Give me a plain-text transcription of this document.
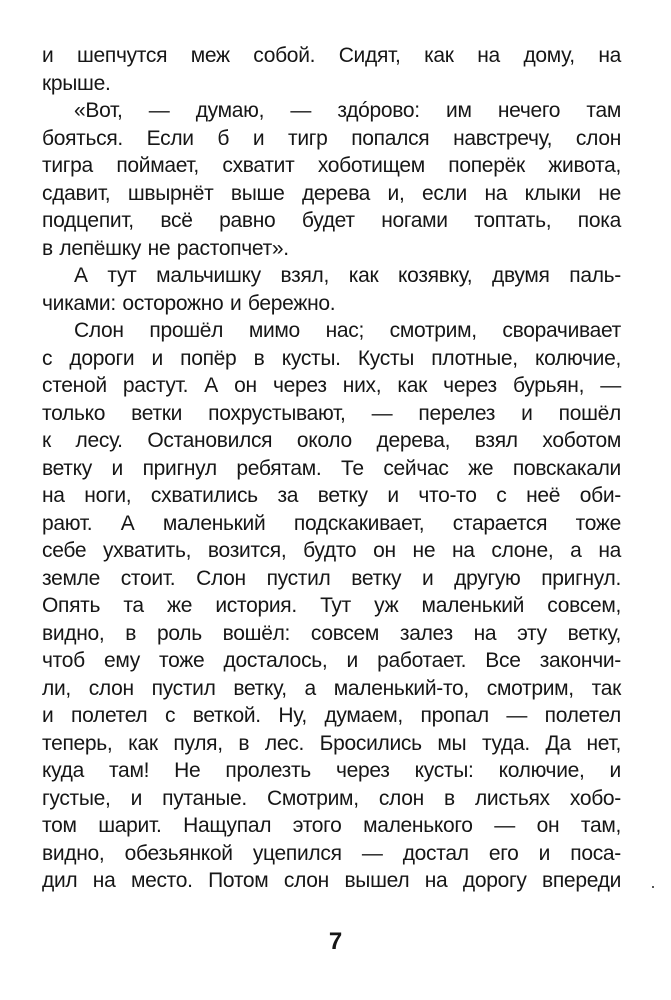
и шепчутся меж собой. Сидят, как на дому, на
крыше.
«Вот, — думаю, — здóрово: им нечего там
бояться. Если б и тигр попался навстречу, слон
тигра поймает, схватит хоботищем поперёк живота,
сдавит, швырнёт выше дерева и, если на клыки не
подцепит, всё равно будет ногами топтать, пока
в лепёшку не растопчет».
А тут мальчишку взял, как козявку, двумя паль-
чиками: осторожно и бережно.
Слон прошёл мимо нас; смотрим, сворачивает
с дороги и попёр в кусты. Кусты плотные, колючие,
стеной растут. А он через них, как через бурьян, —
только ветки похрустывают, — перелез и пошёл
к лесу. Остановился около дерева, взял хоботом
ветку и пригнул ребятам. Те сейчас же повскакали
на ноги, схватились за ветку и что-то с неё оби-
рают. А маленький подскакивает, старается тоже
себе ухватить, возится, будто он не на слоне, а на
земле стоит. Слон пустил ветку и другую пригнул.
Опять та же история. Тут уж маленький совсем,
видно, в роль вошёл: совсем залез на эту ветку,
чтоб ему тоже досталось, и работает. Все закончи-
ли, слон пустил ветку, а маленький-то, смотрим, так
и полетел с веткой. Ну, думаем, пропал — полетел
теперь, как пуля, в лес. Бросились мы туда. Да нет,
куда там! Не пролезть через кусты: колючие, и
густые, и путаные. Смотрим, слон в листьях хобо-
том шарит. Нащупал этого маленького — он там,
видно, обезьянкой уцепился — достал его и поса-
дил на место. Потом слон вышел на дорогу впереди
7
